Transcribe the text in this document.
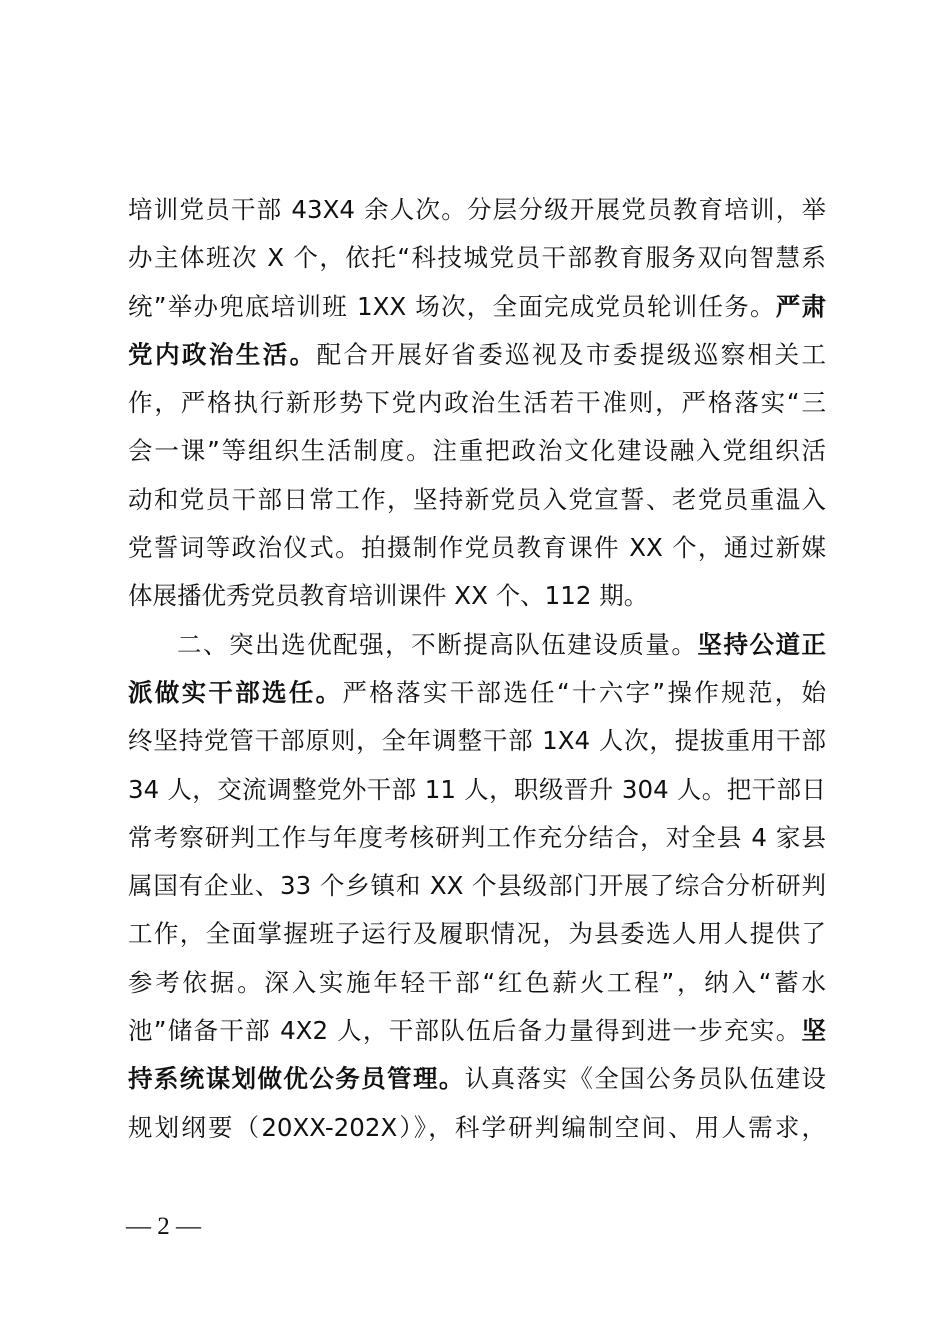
培训党员干部 43X4 余人次。分层分级开展党员教育培训，举
办主体班次 X 个，依托“科技城党员干部教育服务双向智慧系
统”举办兜底培训班 1XX 场次，全面完成党员轮训任务。严肃
党内政治生活。配合开展好省委巡视及市委提级巡察相关工
作，严格执行新形势下党内政治生活若干准则，严格落实“三
会一课”等组织生活制度。注重把政治文化建设融入党组织活
动和党员干部日常工作，坚持新党员入党宣誓、老党员重温入
党誓词等政治仪式。拍摄制作党员教育课件 XX 个，通过新媒
体展播优秀党员教育培训课件 XX 个、112 期。
二、突出选优配强，不断提高队伍建设质量。坚持公道正
派做实干部选任。严格落实干部选任“十六字”操作规范，始
终坚持党管干部原则，全年调整干部 1X4 人次，提拔重用干部
34 人，交流调整党外干部 11 人，职级晋升 304 人。把干部日
常考察研判工作与年度考核研判工作充分结合，对全县 4 家县
属国有企业、33 个乡镇和 XX 个县级部门开展了综合分析研判
工作，全面掌握班子运行及履职情况，为县委选人用人提供了
参考依据。深入实施年轻干部“红色薪火工程”，纳入“蓄水
池”储备干部 4X2 人，干部队伍后备力量得到进一步充实。坚
持系统谋划做优公务员管理。认真落实《全国公务员队伍建设
规划纲要（20XX-202X）》，科学研判编制空间、用人需求，
— 2 —
